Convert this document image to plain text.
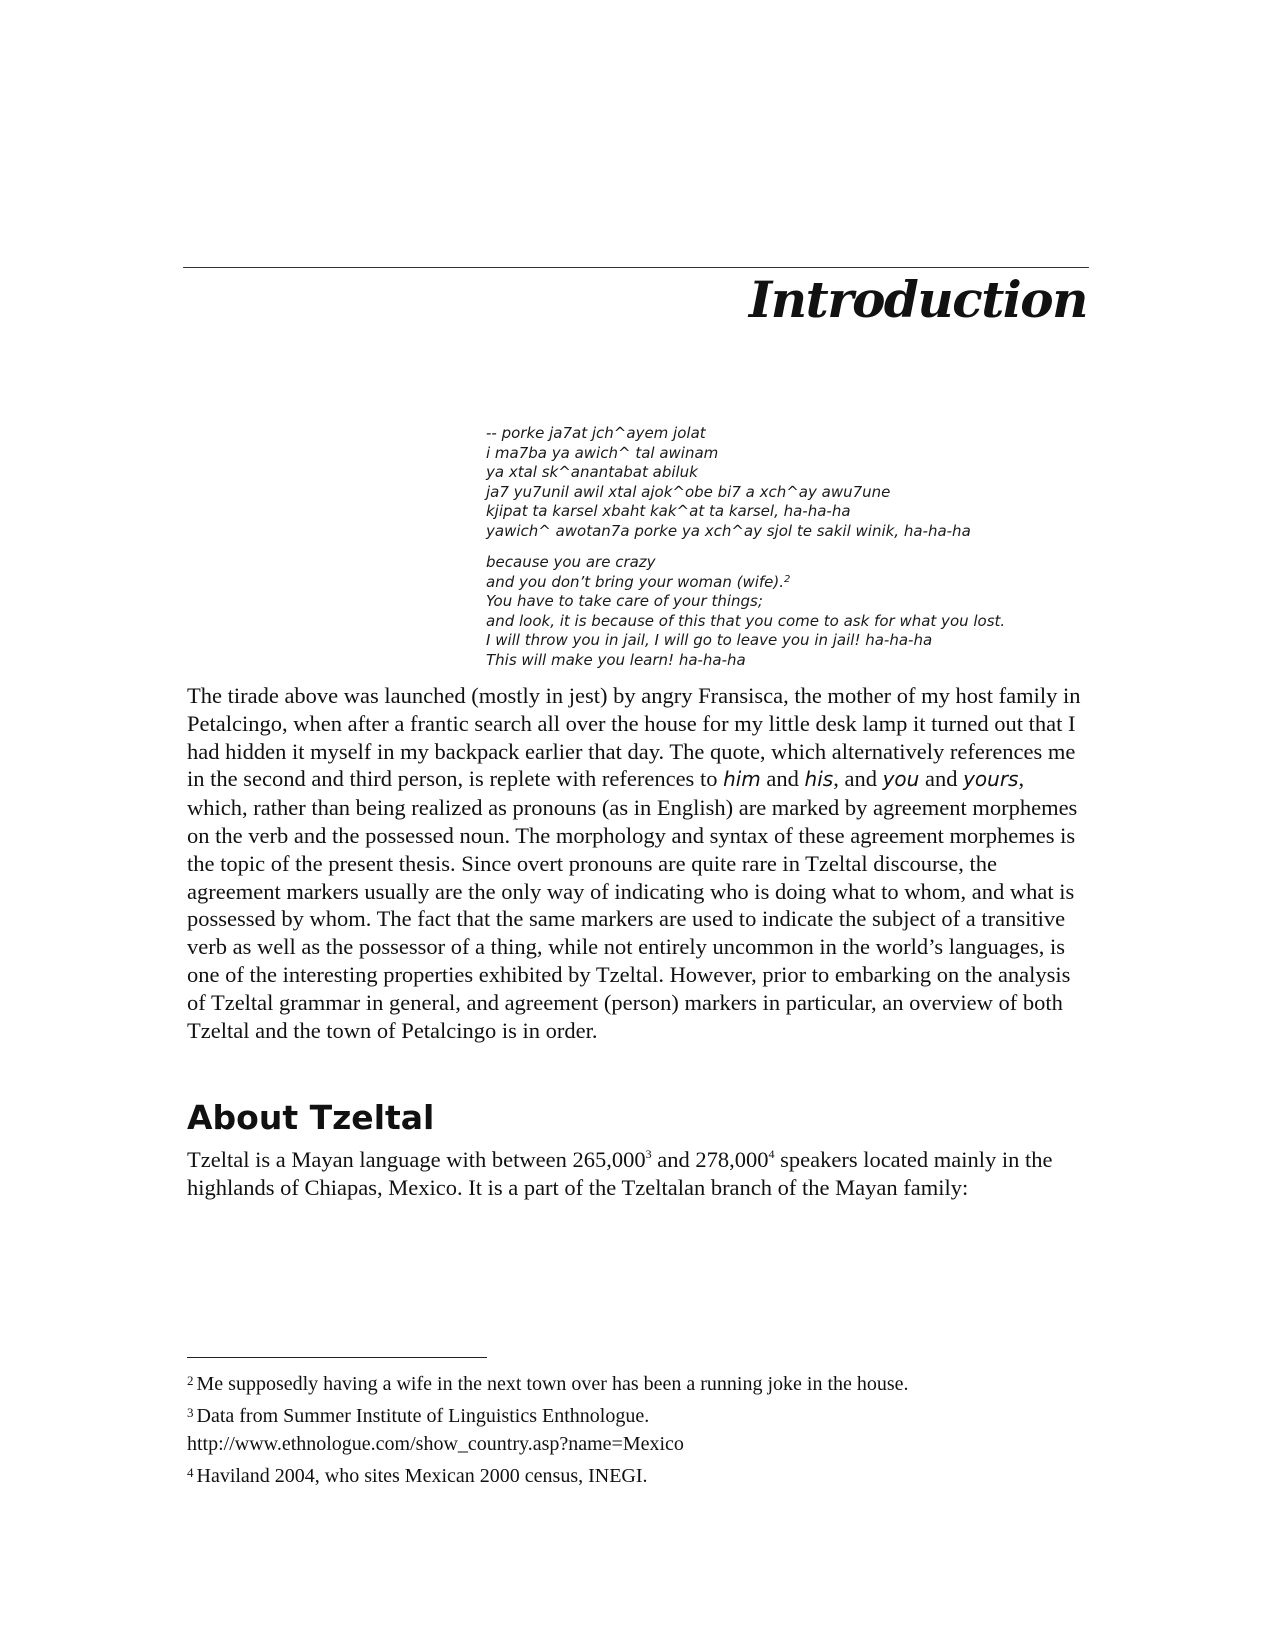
Introduction

-- porke ja7at jch^ayem jolat
i ma7ba ya awich^ tal awinam
ya xtal sk^anantabat abiluk
ja7 yu7unil awil xtal ajok^obe bi7 a xch^ay awu7une
kjipat ta karsel xbaht kak^at ta karsel, ha-ha-ha
yawich^ awotan7a porke ya xch^ay sjol te sakil winik, ha-ha-ha

because you are crazy
and you don’t bring your woman (wife).$^2$
You have to take care of your things;
and look, it is because of this that you come to ask for what you lost.
I will throw you in jail, I will go to leave you in jail! ha-ha-ha
This will make you learn! ha-ha-ha

The tirade above was launched (mostly in jest) by angry Fransisca, the mother of my host family in Petalcingo, when after a frantic search all over the house for my little desk lamp it turned out that I had hidden it myself in my backpack earlier that day. The quote, which alternatively references me in the second and third person, is replete with references to him and his, and you and yours, which, rather than being realized as pronouns (as in English) are marked by agreement morphemes on the verb and the possessed noun. The morphology and syntax of these agreement morphemes is the topic of the present thesis. Since overt pronouns are quite rare in Tzeltal discourse, the agreement markers usually are the only way of indicating who is doing what to whom, and what is possessed by whom. The fact that the same markers are used to indicate the subject of a transitive verb as well as the possessor of a thing, while not entirely uncommon in the world’s languages, is one of the interesting properties exhibited by Tzeltal. However, prior to embarking on the analysis of Tzeltal grammar in general, and agreement (person) markers in particular, an overview of both Tzeltal and the town of Petalcingo is in order.

About Tzeltal

Tzeltal is a Mayan language with between 265,000$^3$ and 278,000$^4$ speakers located mainly in the highlands of Chiapas, Mexico. It is a part of the Tzeltalan branch of the Mayan family:

$^2$ Me supposedly having a wife in the next town over has been a running joke in the house.

$^3$ Data from Summer Institute of Linguistics Enthnologue.
http://www.ethnologue.com/show_country.asp?name=Mexico

$^4$ Haviland 2004, who sites Mexican 2000 census, INEGI.
